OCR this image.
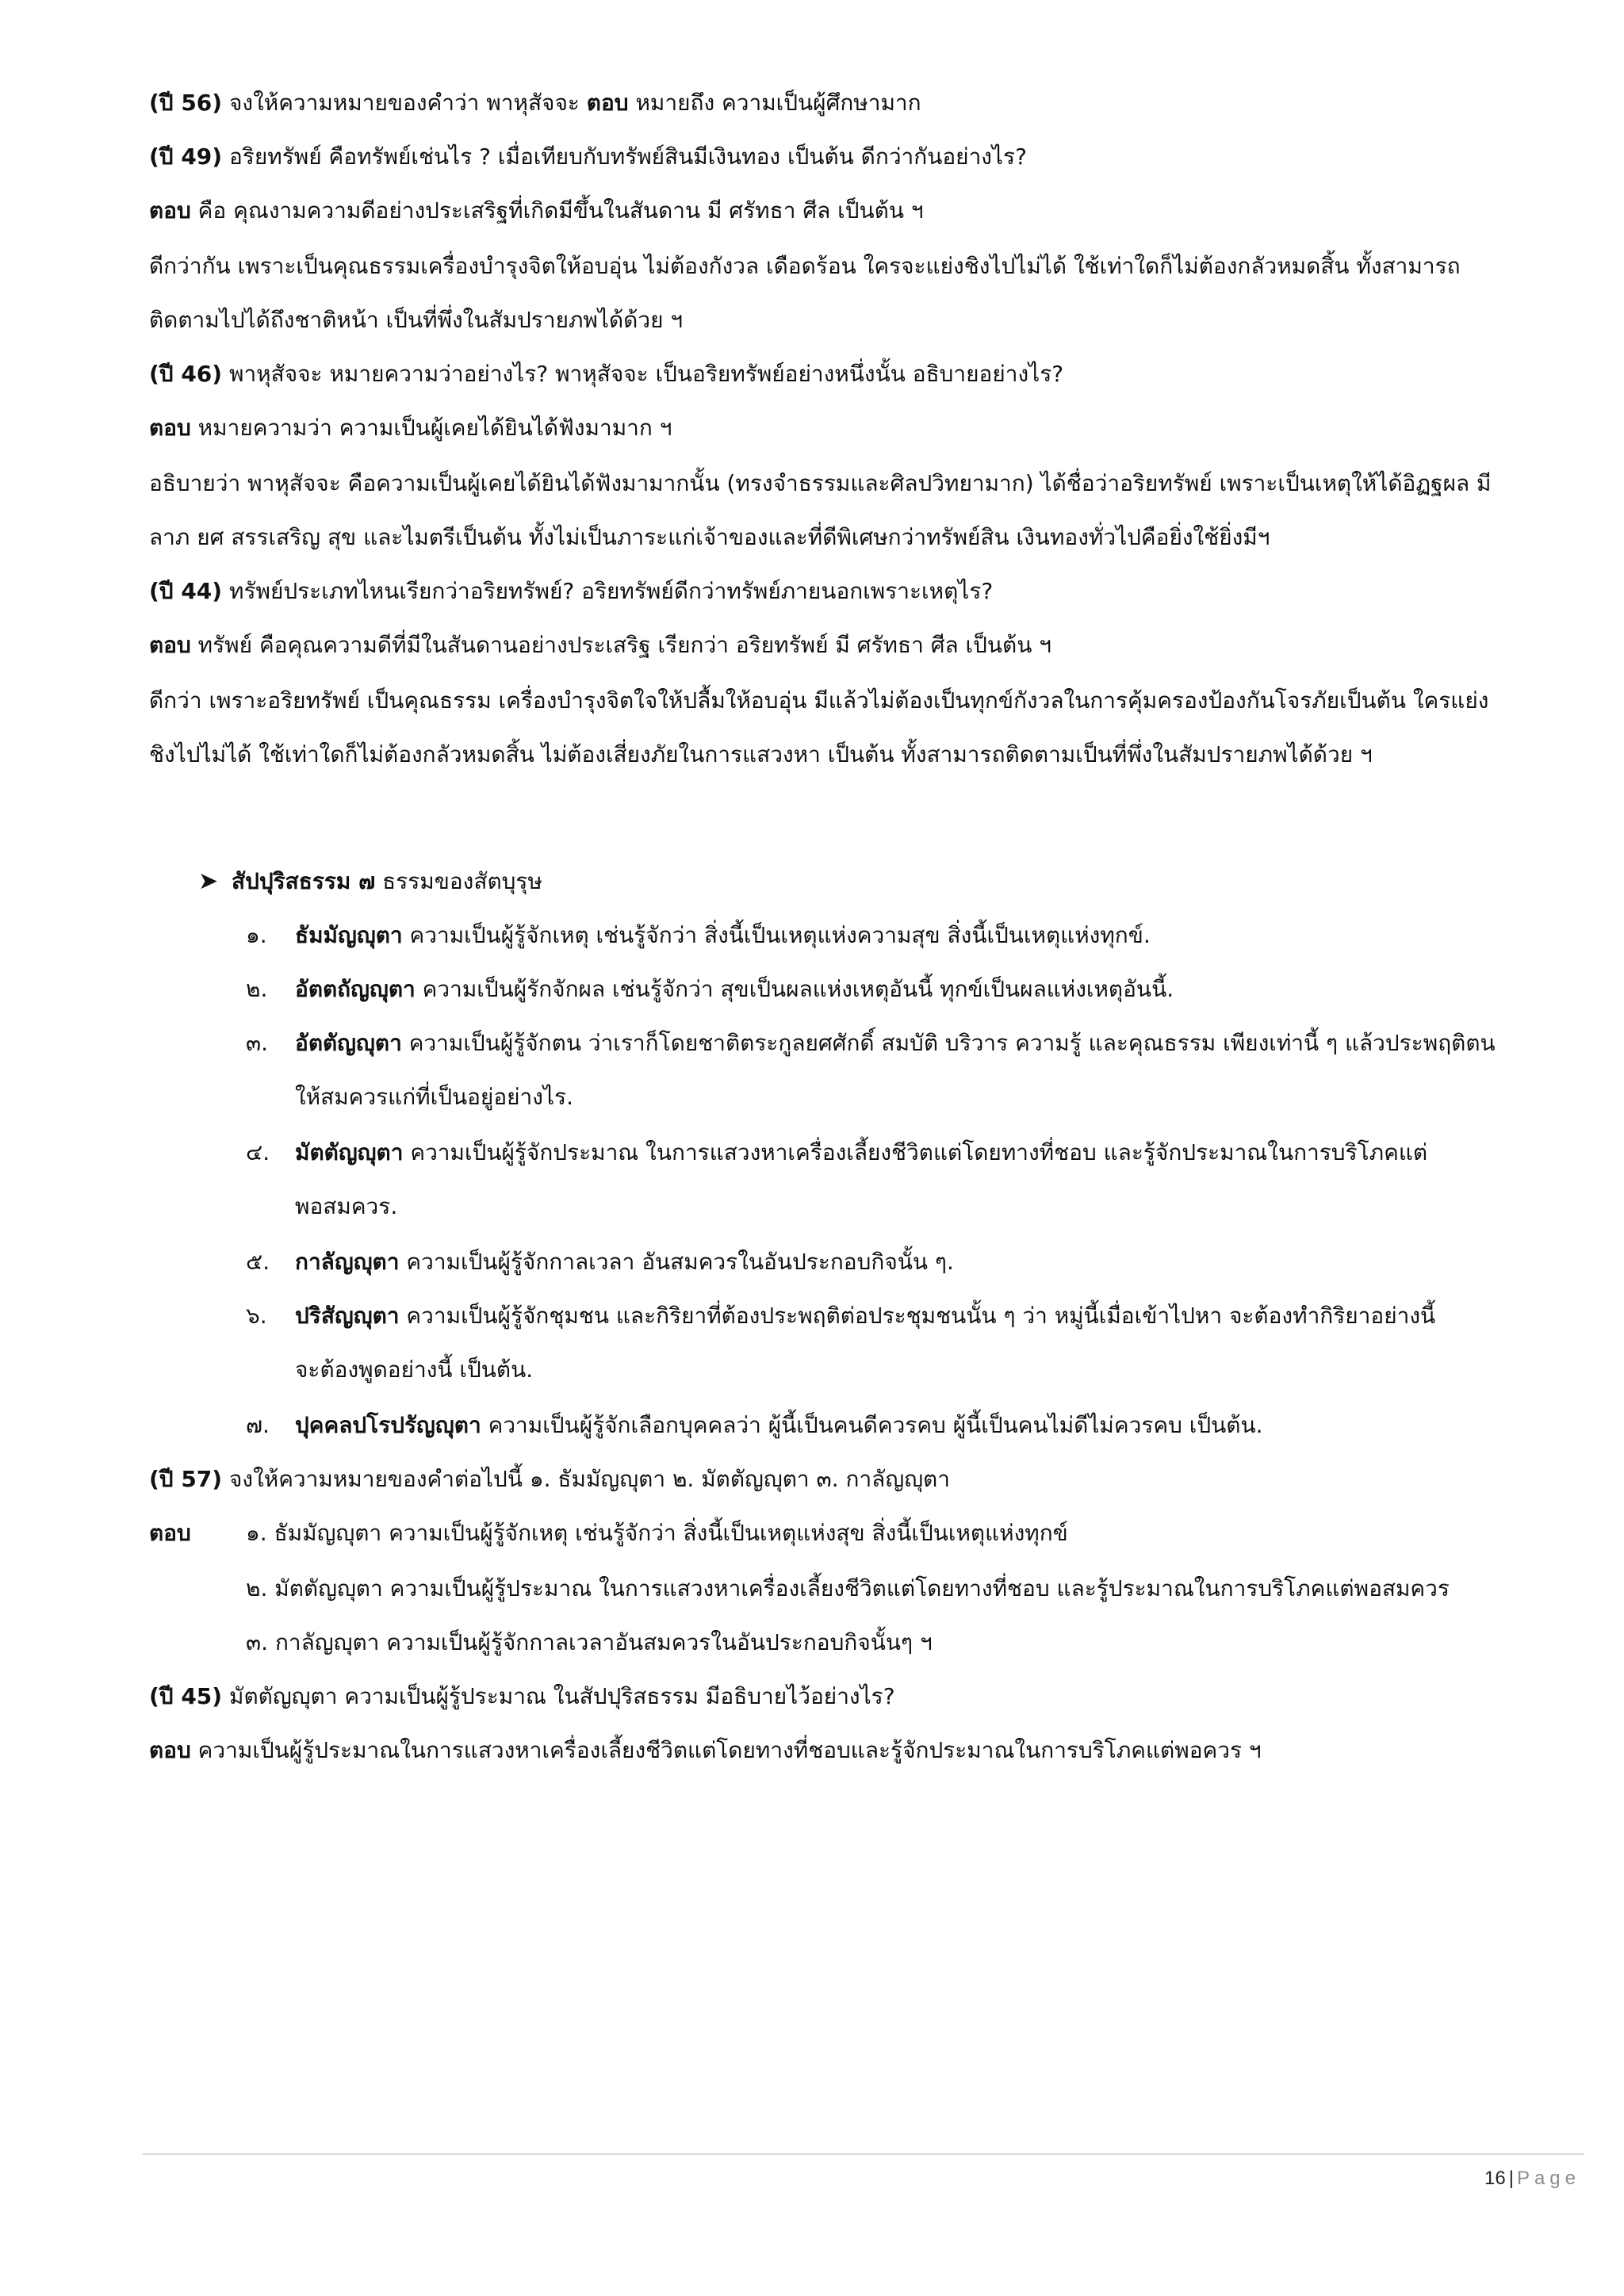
(ปี 56) จงให้ความหมายของคำว่า พาหุสัจจะ ตอบ หมายถึง ความเป็นผู้ศึกษามาก
(ปี 49) อริยทรัพย์ คือทรัพย์เช่นไร ? เมื่อเทียบกับทรัพย์สินมีเงินทอง เป็นต้น ดีกว่ากันอย่างไร?
ตอบ คือ คุณงามความดีอย่างประเสริฐที่เกิดมีขึ้นในสันดาน มี ศรัทธา ศีล เป็นต้น ฯ
ดีกว่ากัน เพราะเป็นคุณธรรมเครื่องบำรุงจิตให้อบอุ่น ไม่ต้องกังวล เดือดร้อน ใครจะแย่งชิงไปไม่ได้ ใช้เท่าใดก็ไม่ต้องกลัวหมดสิ้น ทั้งสามารถ
ติดตามไปได้ถึงชาติหน้า เป็นที่พึ่งในสัมปรายภพได้ด้วย ฯ
(ปี 46) พาหุสัจจะ หมายความว่าอย่างไร? พาหุสัจจะ เป็นอริยทรัพย์อย่างหนึ่งนั้น อธิบายอย่างไร?
ตอบ หมายความว่า ความเป็นผู้เคยได้ยินได้ฟังมามาก ฯ
อธิบายว่า พาหุสัจจะ คือความเป็นผู้เคยได้ยินได้ฟังมามากนั้น (ทรงจำธรรมและศิลปวิทยามาก) ได้ชื่อว่าอริยทรัพย์ เพราะเป็นเหตุให้ได้อิฏฐผล มี
ลาภ ยศ สรรเสริญ สุข และไมตรีเป็นต้น ทั้งไม่เป็นภาระแก่เจ้าของและที่ดีพิเศษกว่าทรัพย์สิน เงินทองทั่วไปคือยิ่งใช้ยิ่งมีฯ
(ปี 44) ทรัพย์ประเภทไหนเรียกว่าอริยทรัพย์? อริยทรัพย์ดีกว่าทรัพย์ภายนอกเพราะเหตุไร?
ตอบ ทรัพย์ คือคุณความดีที่มีในสันดานอย่างประเสริฐ เรียกว่า อริยทรัพย์ มี ศรัทธา ศีล เป็นต้น ฯ
ดีกว่า เพราะอริยทรัพย์ เป็นคุณธรรม เครื่องบำรุงจิตใจให้ปลื้มให้อบอุ่น มีแล้วไม่ต้องเป็นทุกข์กังวลในการคุ้มครองป้องกันโจรภัยเป็นต้น ใครแย่ง
ชิงไปไม่ได้ ใช้เท่าใดก็ไม่ต้องกลัวหมดสิ้น ไม่ต้องเสี่ยงภัยในการแสวงหา เป็นต้น ทั้งสามารถติดตามเป็นที่พึ่งในสัมปรายภพได้ด้วย ฯ
➤ สัปปุริสธรรม ๗ ธรรมของสัตบุรุษ
๑. ธัมมัญญุตา ความเป็นผู้รู้จักเหตุ เช่นรู้จักว่า สิ่งนี้เป็นเหตุแห่งความสุข สิ่งนี้เป็นเหตุแห่งทุกข์.
๒. อัตตถัญญุตา ความเป็นผู้รักจักผล เช่นรู้จักว่า สุขเป็นผลแห่งเหตุอันนี้ ทุกข์เป็นผลแห่งเหตุอันนี้.
๓. อัตตัญญุตา ความเป็นผู้รู้จักตน ว่าเราก็โดยชาติตระกูลยศศักดิ์ สมบัติ บริวาร ความรู้ และคุณธรรม เพียงเท่านี้ ๆ แล้วประพฤติตน
ให้สมควรแก่ที่เป็นอยู่อย่างไร.
๔. มัตตัญญุตา ความเป็นผู้รู้จักประมาณ ในการแสวงหาเครื่องเลี้ยงชีวิตแต่โดยทางที่ชอบ และรู้จักประมาณในการบริโภคแต่
พอสมควร.
๕. กาลัญญุตา ความเป็นผู้รู้จักกาลเวลา อันสมควรในอันประกอบกิจนั้น ๆ.
๖. ปริสัญญุตา ความเป็นผู้รู้จักชุมชน และกิริยาที่ต้องประพฤติต่อประชุมชนนั้น ๆ ว่า หมู่นี้เมื่อเข้าไปหา จะต้องทำกิริยาอย่างนี้
จะต้องพูดอย่างนี้ เป็นต้น.
๗. ปุคคลปโรปรัญญุตา ความเป็นผู้รู้จักเลือกบุคคลว่า ผู้นี้เป็นคนดีควรคบ ผู้นี้เป็นคนไม่ดีไม่ควรคบ เป็นต้น.
(ปี 57) จงให้ความหมายของคำต่อไปนี้ ๑. ธัมมัญญุตา ๒. มัตตัญญุตา ๓. กาลัญญุตา
ตอบ	๑. ธัมมัญญุตา ความเป็นผู้รู้จักเหตุ เช่นรู้จักว่า สิ่งนี้เป็นเหตุแห่งสุข สิ่งนี้เป็นเหตุแห่งทุกข์
๒. มัตตัญญุตา ความเป็นผู้รู้ประมาณ ในการแสวงหาเครื่องเลี้ยงชีวิตแต่โดยทางที่ชอบ และรู้ประมาณในการบริโภคแต่พอสมควร
๓. กาลัญญุตา ความเป็นผู้รู้จักกาลเวลาอันสมควรในอันประกอบกิจนั้นๆ ฯ
(ปี 45) มัตตัญญุตา ความเป็นผู้รู้ประมาณ ในสัปปุริสธรรม มีอธิบายไว้อย่างไร?
ตอบ ความเป็นผู้รู้ประมาณในการแสวงหาเครื่องเลี้ยงชีวิตแต่โดยทางที่ชอบและรู้จักประมาณในการบริโภคแต่พอควร ฯ
16 | Page
